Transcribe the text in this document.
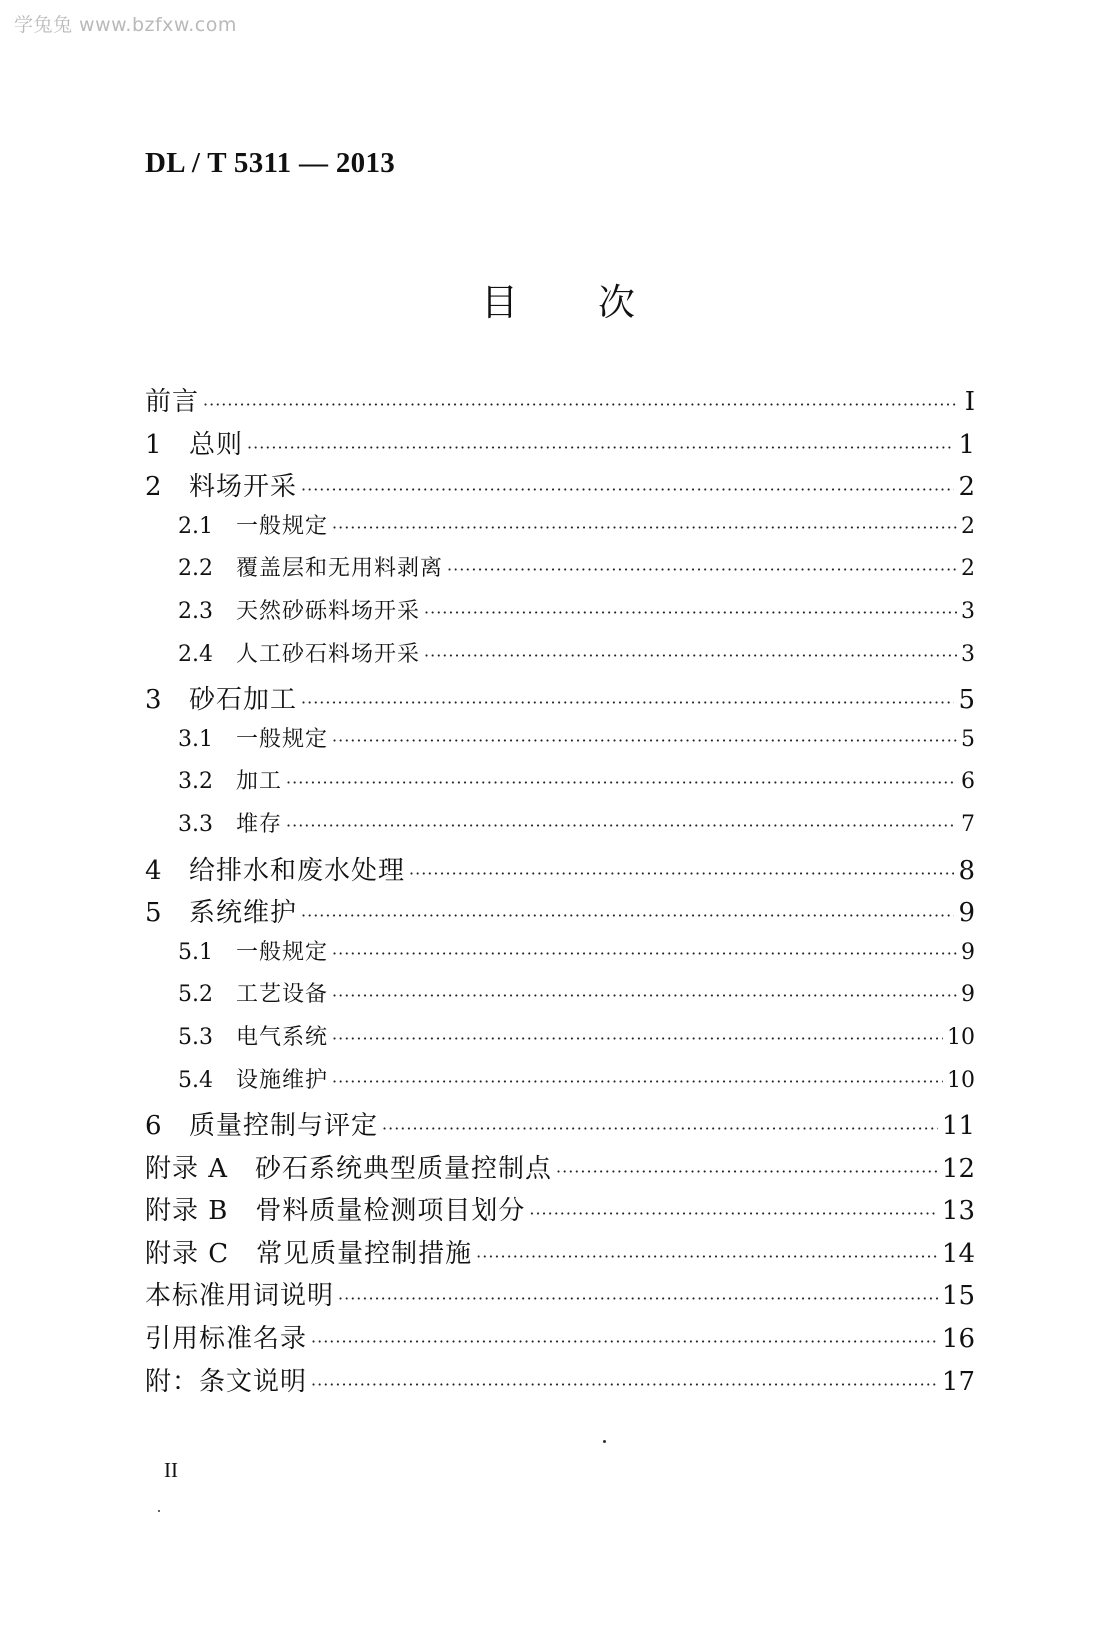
学兔兔 www.bzfxw.com
DL / T 5311 — 2013
目次
前言 ·····	I
1	总则 ·····	1
2	料场开采 ·····	2
2.1	一般规定 ·····	2
2.2	覆盖层和无用料剥离 ·····	2
2.3	天然砂砾料场开采 ·····	3
2.4	人工砂石料场开采 ·····	3
3	砂石加工 ·····	5
3.1	一般规定 ·····	5
3.2	加工 ·····	6
3.3	堆存 ·····	7
4	给排水和废水处理 ·····	8
5	系统维护 ·····	9
5.1	一般规定 ·····	9
5.2	工艺设备 ·····	9
5.3	电气系统 ·····	10
5.4	设施维护 ·····	10
6	质量控制与评定 ·····	11
附录 A　砂石系统典型质量控制点 ·····	12
附录 B　骨料质量检测项目划分 ·····	13
附录 C　常见质量控制措施 ·····	14
本标准用词说明 ·····	15
引用标准名录 ·····	16
附：条文说明 ·····	17
II
